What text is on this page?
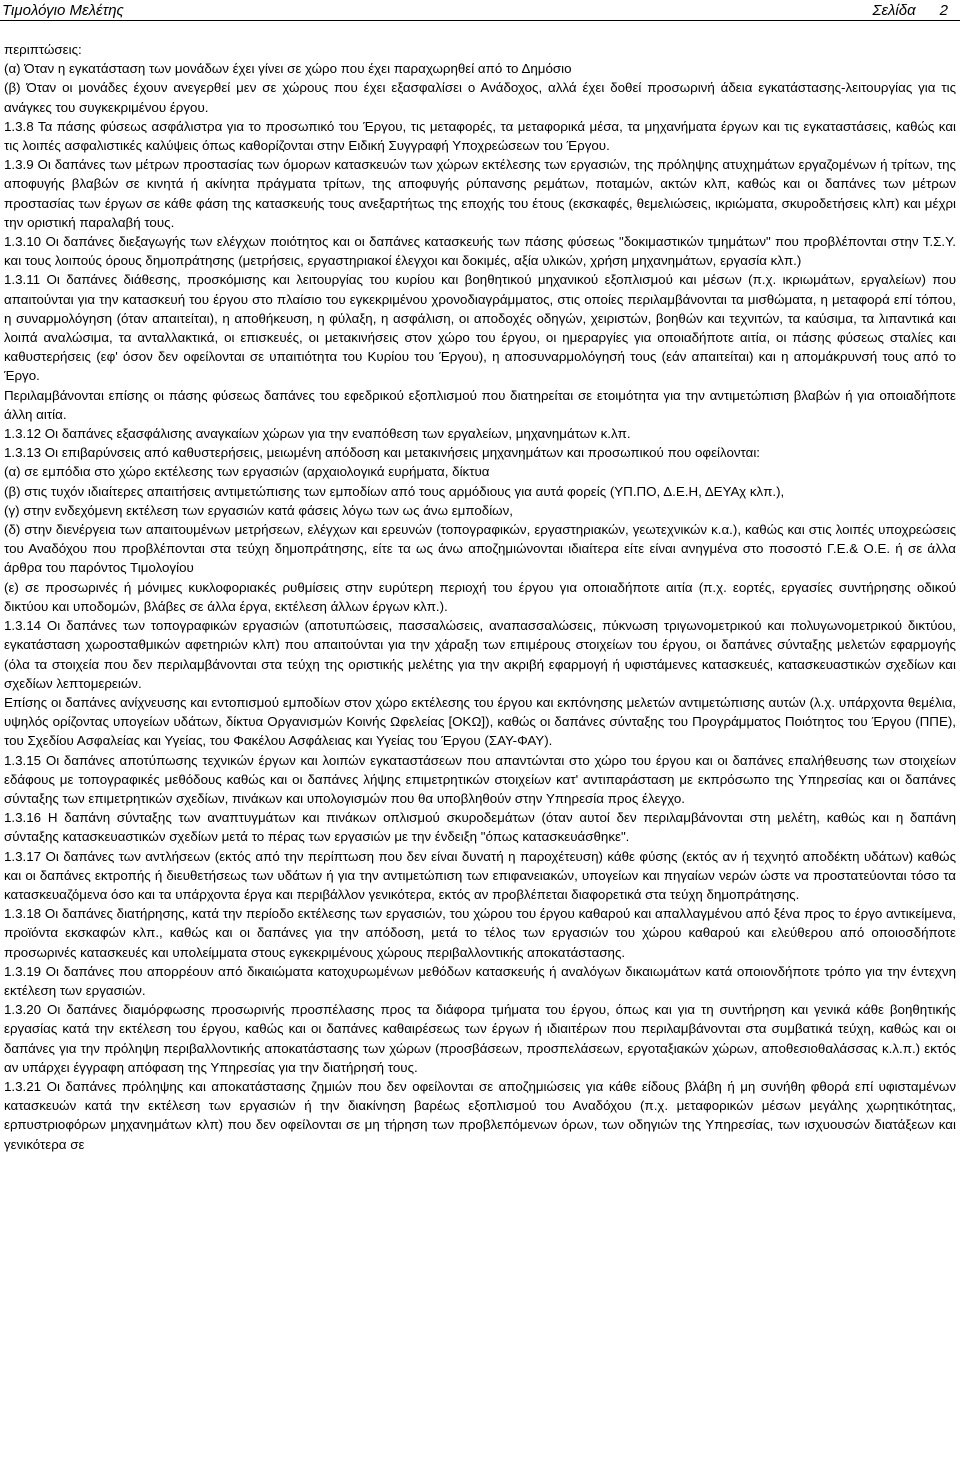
Τιμολόγιο Μελέτης	Σελίδα 2

περιπτώσεις:

(α) Όταν η εγκατάσταση των μονάδων έχει γίνει σε χώρο που έχει παραχωρηθεί από το Δημόσιο

(β) Όταν οι μονάδες έχουν ανεγερθεί μεν σε χώρους που έχει εξασφαλίσει ο Ανάδοχος, αλλά έχει δοθεί προσωρινή άδεια εγκατάστασης-λειτουργίας για τις ανάγκες του συγκεκριμένου έργου.

1.3.8 Τα πάσης φύσεως ασφάλιστρα για το προσωπικό του Έργου, τις μεταφορές, τα μεταφορικά μέσα, τα μηχανήματα έργων και τις εγκαταστάσεις, καθώς και τις λοιπές ασφαλιστικές καλύψεις όπως καθορίζονται στην Ειδική Συγγραφή Υποχρεώσεων του Έργου.

1.3.9 Οι δαπάνες των μέτρων προστασίας των όμορων κατασκευών των χώρων εκτέλεσης των εργασιών, της πρόληψης ατυχημάτων εργαζομένων ή τρίτων, της αποφυγής βλαβών σε κινητά ή ακίνητα πράγματα τρίτων, της αποφυγής ρύπανσης ρεμάτων, ποταμών, ακτών κλπ, καθώς και οι δαπάνες των μέτρων προστασίας των έργων σε κάθε φάση της κατασκευής τους ανεξαρτήτως της εποχής του έτους (εκσκαφές, θεμελιώσεις, ικριώματα, σκυροδετήσεις κλπ) και μέχρι την οριστική παραλαβή τους.

1.3.10 Οι δαπάνες διεξαγωγής των ελέγχων ποιότητος και οι δαπάνες κατασκευής των πάσης φύσεως "δοκιμαστικών τμημάτων" που προβλέπονται στην Τ.Σ.Υ. και τους λοιπούς όρους δημοπράτησης (μετρήσεις, εργαστηριακοί έλεγχοι και δοκιμές, αξία υλικών, χρήση μηχανημάτων, εργασία κλπ.)

1.3.11 Οι δαπάνες διάθεσης, προσκόμισης και λειτουργίας του κυρίου και βοηθητικού μηχανικού εξοπλισμού και μέσων (π.χ. ικριωμάτων, εργαλείων) που απαιτούνται για την κατασκευή του έργου στο πλαίσιο του εγκεκριμένου χρονοδιαγράμματος, στις οποίες περιλαμβάνονται τα μισθώματα, η μεταφορά επί τόπου, η συναρμολόγηση (όταν απαιτείται), η αποθήκευση, η φύλαξη, η ασφάλιση, οι αποδοχές οδηγών, χειριστών, βοηθών και τεχνιτών, τα καύσιμα, τα λιπαντικά και λοιπά αναλώσιμα, τα ανταλλακτικά, οι επισκευές, οι μετακινήσεις στον χώρο του έργου, οι ημεραργίες για οποιαδήποτε αιτία, οι πάσης φύσεως σταλίες και καθυστερήσεις (εφ' όσον δεν οφείλονται σε υπαιτιότητα του Κυρίου του Έργου), η αποσυναρμολόγησή τους (εάν απαιτείται) και η απομάκρυνσή τους από το Έργο.

Περιλαμβάνονται επίσης οι πάσης φύσεως δαπάνες του εφεδρικού εξοπλισμού που διατηρείται σε ετοιμότητα για την αντιμετώπιση βλαβών ή για οποιαδήποτε άλλη αιτία.

1.3.12 Οι δαπάνες εξασφάλισης αναγκαίων χώρων για την εναπόθεση των εργαλείων, μηχανημάτων κ.λπ.

1.3.13 Οι επιβαρύνσεις από καθυστερήσεις, μειωμένη απόδοση και μετακινήσεις μηχανημάτων και προσωπικού που οφείλονται:

(α) σε εμπόδια στο χώρο εκτέλεσης των εργασιών (αρχαιολογικά ευρήματα, δίκτυα

(β) στις τυχόν ιδιαίτερες απαιτήσεις αντιμετώπισης των εμποδίων από τους αρμόδιους για αυτά φορείς (ΥΠ.ΠΟ, Δ.Ε.Η, ΔΕΥΑχ κλπ.),

(γ) στην ενδεχόμενη εκτέλεση των εργασιών κατά φάσεις λόγω των ως άνω εμποδίων,

(δ) στην διενέργεια των απαιτουμένων μετρήσεων, ελέγχων και ερευνών (τοπογραφικών, εργαστηριακών, γεωτεχνικών κ.α.), καθώς και στις λοιπές υποχρεώσεις του Αναδόχου που προβλέπονται στα τεύχη δημοπράτησης, είτε τα ως άνω αποζημιώνονται ιδιαίτερα είτε είναι ανηγμένα στο ποσοστό Γ.Ε.& Ο.Ε. ή σε άλλα άρθρα του παρόντος Τιμολογίου

(ε) σε προσωρινές ή μόνιμες κυκλοφοριακές ρυθμίσεις στην ευρύτερη περιοχή του έργου για οποιαδήποτε αιτία (π.χ. εορτές, εργασίες συντήρησης οδικού δικτύου και υποδομών, βλάβες σε άλλα έργα, εκτέλεση άλλων έργων κλπ.).

1.3.14 Οι δαπάνες των τοπογραφικών εργασιών (αποτυπώσεις, πασσαλώσεις, αναπασσαλώσεις, πύκνωση τριγωνομετρικού και πολυγωνομετρικού δικτύου, εγκατάσταση χωροσταθμικών αφετηριών κλπ) που απαιτούνται για την χάραξη των επιμέρους στοιχείων του έργου, οι δαπάνες σύνταξης μελετών εφαρμογής (όλα τα στοιχεία που δεν περιλαμβάνονται στα τεύχη της οριστικής μελέτης για την ακριβή εφαρμογή ή υφιστάμενες κατασκευές, κατασκευαστικών σχεδίων και σχεδίων λεπτομερειών.

Επίσης οι δαπάνες ανίχνευσης και εντοπισμού εμποδίων στον χώρο εκτέλεσης του έργου και εκπόνησης μελετών αντιμετώπισης αυτών (λ.χ. υπάρχοντα θεμέλια, υψηλός ορίζοντας υπογείων υδάτων, δίκτυα Οργανισμών Κοινής Ωφελείας [ΟΚΩ]), καθώς οι δαπάνες σύνταξης του Προγράμματος Ποιότητος του Έργου (ΠΠΕ), του Σχεδίου Ασφαλείας και Υγείας, του Φακέλου Ασφάλειας και Υγείας του Έργου (ΣΑΥ-ΦΑΥ).

1.3.15 Οι δαπάνες αποτύπωσης τεχνικών έργων και λοιπών εγκαταστάσεων που απαντώνται στο χώρο του έργου και οι δαπάνες επαλήθευσης των στοιχείων εδάφους με τοπογραφικές μεθόδους καθώς και οι δαπάνες λήψης επιμετρητικών στοιχείων κατ' αντιπαράσταση με εκπρόσωπο της Υπηρεσίας και οι δαπάνες σύνταξης των επιμετρητικών σχεδίων, πινάκων και υπολογισμών που θα υποβληθούν στην Υπηρεσία προς έλεγχο.

1.3.16 Η δαπάνη σύνταξης των αναπτυγμάτων και πινάκων οπλισμού σκυροδεμάτων (όταν αυτοί δεν περιλαμβάνονται στη μελέτη, καθώς και η δαπάνη σύνταξης κατασκευαστικών σχεδίων μετά το πέρας των εργασιών με την ένδειξη "όπως κατασκευάσθηκε".

1.3.17 Οι δαπάνες των αντλήσεων (εκτός από την περίπτωση που δεν είναι δυνατή η παροχέτευση) κάθε φύσης (εκτός αν ή τεχνητό αποδέκτη υδάτων) καθώς και οι δαπάνες εκτροπής ή διευθετήσεως των υδάτων ή για την αντιμετώπιση των επιφανειακών, υπογείων και πηγαίων νερών ώστε να προστατεύονται τόσο τα κατασκευαζόμενα όσο και τα υπάρχοντα έργα και περιβάλλον γενικότερα, εκτός αν προβλέπεται διαφορετικά στα τεύχη δημοπράτησης.

1.3.18 Οι δαπάνες διατήρησης, κατά την περίοδο εκτέλεσης των εργασιών, του χώρου του έργου καθαρού και απαλλαγμένου από ξένα προς το έργο αντικείμενα, προϊόντα εκσκαφών κλπ., καθώς και οι δαπάνες για την απόδοση, μετά το τέλος των εργασιών του χώρου καθαρού και ελεύθερου από οποιοσδήποτε προσωρινές κατασκευές και υπολείμματα στους εγκεκριμένους χώρους περιβαλλοντικής αποκατάστασης.

1.3.19 Οι δαπάνες που απορρέουν από δικαιώματα κατοχυρωμένων μεθόδων κατασκευής ή αναλόγων δικαιωμάτων κατά οποιονδήποτε τρόπο για την έντεχνη εκτέλεση των εργασιών.

1.3.20 Οι δαπάνες διαμόρφωσης προσωρινής προσπέλασης προς τα διάφορα τμήματα του έργου, όπως και για τη συντήρηση και γενικά κάθε βοηθητικής εργασίας κατά την εκτέλεση του έργου, καθώς και οι δαπάνες καθαιρέσεως των έργων ή ιδιαιτέρων που περιλαμβάνονται στα συμβατικά τεύχη, καθώς και οι δαπάνες για την πρόληψη περιβαλλοντικής αποκατάστασης των χώρων (προσβάσεων, προσπελάσεων, εργοταξιακών χώρων, αποθεσιοθαλάσσας κ.λ.π.) εκτός αν υπάρχει έγγραφη απόφαση της Υπηρεσίας για την διατήρησή τους.

1.3.21 Οι δαπάνες πρόληψης και αποκατάστασης ζημιών που δεν οφείλονται σε αποζημιώσεις για κάθε είδους βλάβη ή μη συνήθη φθορά επί υφισταμένων κατασκευών κατά την εκτέλεση των εργασιών ή την διακίνηση βαρέως εξοπλισμού του Αναδόχου (π.χ. μεταφορικών μέσων μεγάλης χωρητικότητας, ερπυστριοφόρων μηχανημάτων κλπ) που δεν οφείλονται σε μη τήρηση των προβλεπόμενων όρων, των οδηγιών της Υπηρεσίας, των ισχυουσών διατάξεων και γενικότερα σε
